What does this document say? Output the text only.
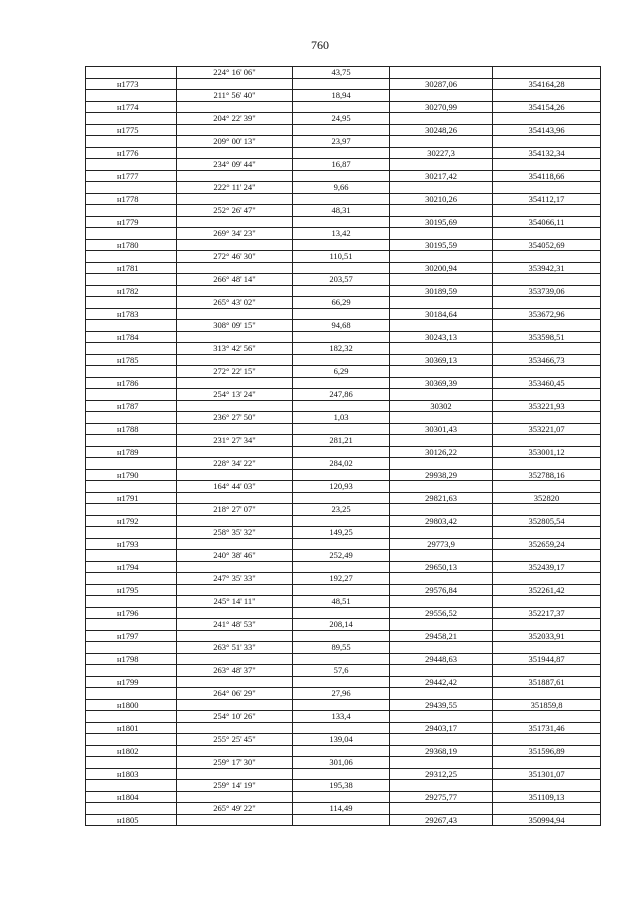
760
224° 16' 06"	43,75
н1773	30287,06	354164,28
211° 56' 40"	18,94
н1774	30270,99	354154,26
204° 22' 39"	24,95
н1775	30248,26	354143,96
209° 00' 13"	23,97
н1776	30227,3	354132,34
234° 09' 44"	16,87
н1777	30217,42	354118,66
222° 11' 24"	9,66
н1778	30210,26	354112,17
252° 26' 47"	48,31
н1779	30195,69	354066,11
269° 34' 23"	13,42
н1780	30195,59	354052,69
272° 46' 30"	110,51
н1781	30200,94	353942,31
266° 48' 14"	203,57
н1782	30189,59	353739,06
265° 43' 02"	66,29
н1783	30184,64	353672,96
308° 09' 15"	94,68
н1784	30243,13	353598,51
313° 42' 56"	182,32
н1785	30369,13	353466,73
272° 22' 15"	6,29
н1786	30369,39	353460,45
254° 13' 24"	247,86
н1787	30302	353221,93
236° 27' 50"	1,03
н1788	30301,43	353221,07
231° 27' 34"	281,21
н1789	30126,22	353001,12
228° 34' 22"	284,02
н1790	29938,29	352788,16
164° 44' 03"	120,93
н1791	29821,63	352820
218° 27' 07"	23,25
н1792	29803,42	352805,54
258° 35' 32"	149,25
н1793	29773,9	352659,24
240° 38' 46"	252,49
н1794	29650,13	352439,17
247° 35' 33"	192,27
н1795	29576,84	352261,42
245° 14' 11"	48,51
н1796	29556,52	352217,37
241° 48' 53"	208,14
н1797	29458,21	352033,91
263° 51' 33"	89,55
н1798	29448,63	351944,87
263° 48' 37"	57,6
н1799	29442,42	351887,61
264° 06' 29"	27,96
н1800	29439,55	351859,8
254° 10' 26"	133,4
н1801	29403,17	351731,46
255° 25' 45"	139,04
н1802	29368,19	351596,89
259° 17' 30"	301,06
н1803	29312,25	351301,07
259° 14' 19"	195,38
н1804	29275,77	351109,13
265° 49' 22"	114,49
н1805	29267,43	350994,94
